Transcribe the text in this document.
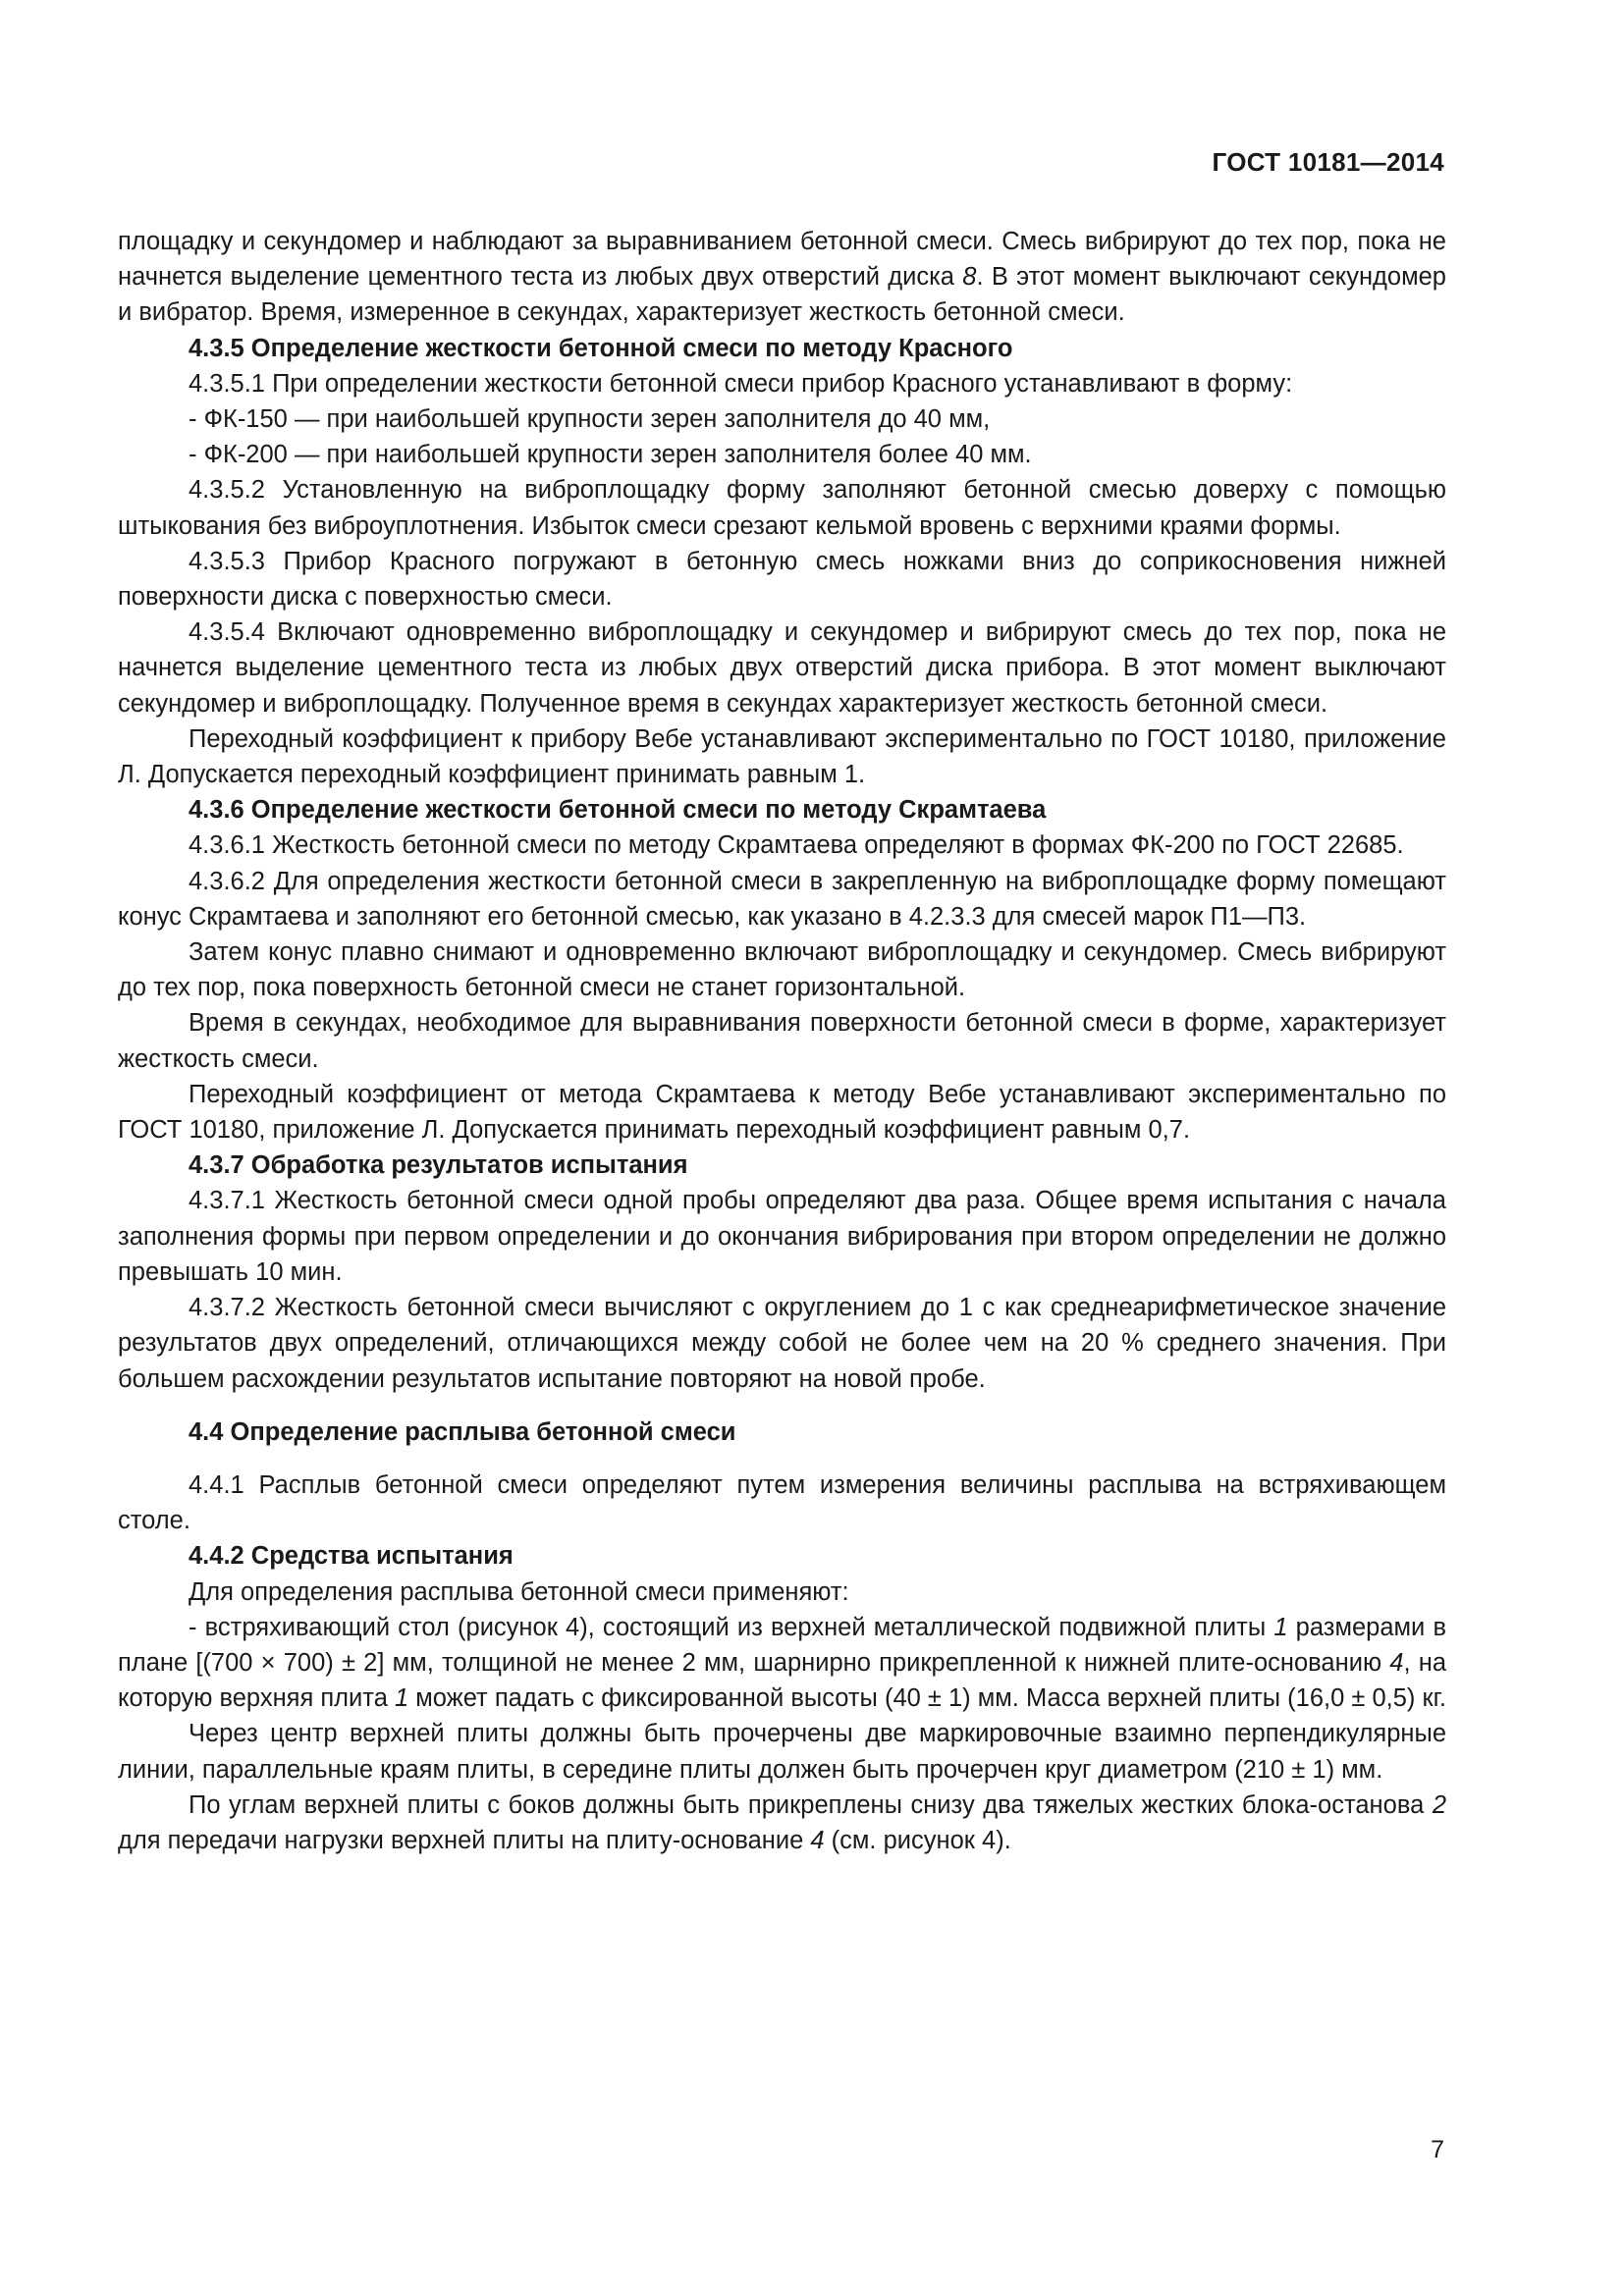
ГОСТ 10181—2014

площадку и секундомер и наблюдают за выравниванием бетонной смеси. Смесь вибрируют до тех пор, пока не начнется выделение цементного теста из любых двух отверстий диска 8. В этот момент выключают секундомер и вибратор. Время, измеренное в секундах, характеризует жесткость бетонной смеси.

4.3.5 Определение жесткости бетонной смеси по методу Красного

4.3.5.1 При определении жесткости бетонной смеси прибор Красного устанавливают в форму:

- ФК-150 — при наибольшей крупности зерен заполнителя до 40 мм,

- ФК-200 — при наибольшей крупности зерен заполнителя более 40 мм.

4.3.5.2 Установленную на виброплощадку форму заполняют бетонной смесью доверху с помощью штыкования без виброуплотнения. Избыток смеси срезают кельмой вровень с верхними краями формы.

4.3.5.3 Прибор Красного погружают в бетонную смесь ножками вниз до соприкосновения нижней поверхности диска с поверхностью смеси.

4.3.5.4 Включают одновременно виброплощадку и секундомер и вибрируют смесь до тех пор, пока не начнется выделение цементного теста из любых двух отверстий диска прибора. В этот момент выключают секундомер и виброплощадку. Полученное время в секундах характеризует жесткость бетонной смеси.

Переходный коэффициент к прибору Вебе устанавливают экспериментально по ГОСТ 10180, приложение Л. Допускается переходный коэффициент принимать равным 1.

4.3.6 Определение жесткости бетонной смеси по методу Скрамтаева

4.3.6.1 Жесткость бетонной смеси по методу Скрамтаева определяют в формах ФК-200 по ГОСТ 22685.

4.3.6.2 Для определения жесткости бетонной смеси в закрепленную на виброплощадке форму помещают конус Скрамтаева и заполняют его бетонной смесью, как указано в 4.2.3.3 для смесей марок П1—П3.

Затем конус плавно снимают и одновременно включают виброплощадку и секундомер. Смесь вибрируют до тех пор, пока поверхность бетонной смеси не станет горизонтальной.

Время в секундах, необходимое для выравнивания поверхности бетонной смеси в форме, характеризует жесткость смеси.

Переходный коэффициент от метода Скрамтаева к методу Вебе устанавливают экспериментально по ГОСТ 10180, приложение Л. Допускается принимать переходный коэффициент равным 0,7.

4.3.7 Обработка результатов испытания

4.3.7.1 Жесткость бетонной смеси одной пробы определяют два раза. Общее время испытания с начала заполнения формы при первом определении и до окончания вибрирования при втором определении не должно превышать 10 мин.

4.3.7.2 Жесткость бетонной смеси вычисляют с округлением до 1 с как среднеарифметическое значение результатов двух определений, отличающихся между собой не более чем на 20 % среднего значения. При большем расхождении результатов испытание повторяют на новой пробе.

4.4 Определение расплыва бетонной смеси

4.4.1 Расплыв бетонной смеси определяют путем измерения величины расплыва на встряхивающем столе.

4.4.2 Средства испытания

Для определения расплыва бетонной смеси применяют:

- встряхивающий стол (рисунок 4), состоящий из верхней металлической подвижной плиты 1 размерами в плане [(700 × 700) ± 2] мм, толщиной не менее 2 мм, шарнирно прикрепленной к нижней плите-основанию 4, на которую верхняя плита 1 может падать с фиксированной высоты (40 ± 1) мм. Масса верхней плиты (16,0 ± 0,5) кг.

Через центр верхней плиты должны быть прочерчены две маркировочные взаимно перпендикулярные линии, параллельные краям плиты, в середине плиты должен быть прочерчен круг диаметром (210 ± 1) мм.

По углам верхней плиты с боков должны быть прикреплены снизу два тяжелых жестких блока-останова 2 для передачи нагрузки верхней плиты на плиту-основание 4 (см. рисунок 4).

7
